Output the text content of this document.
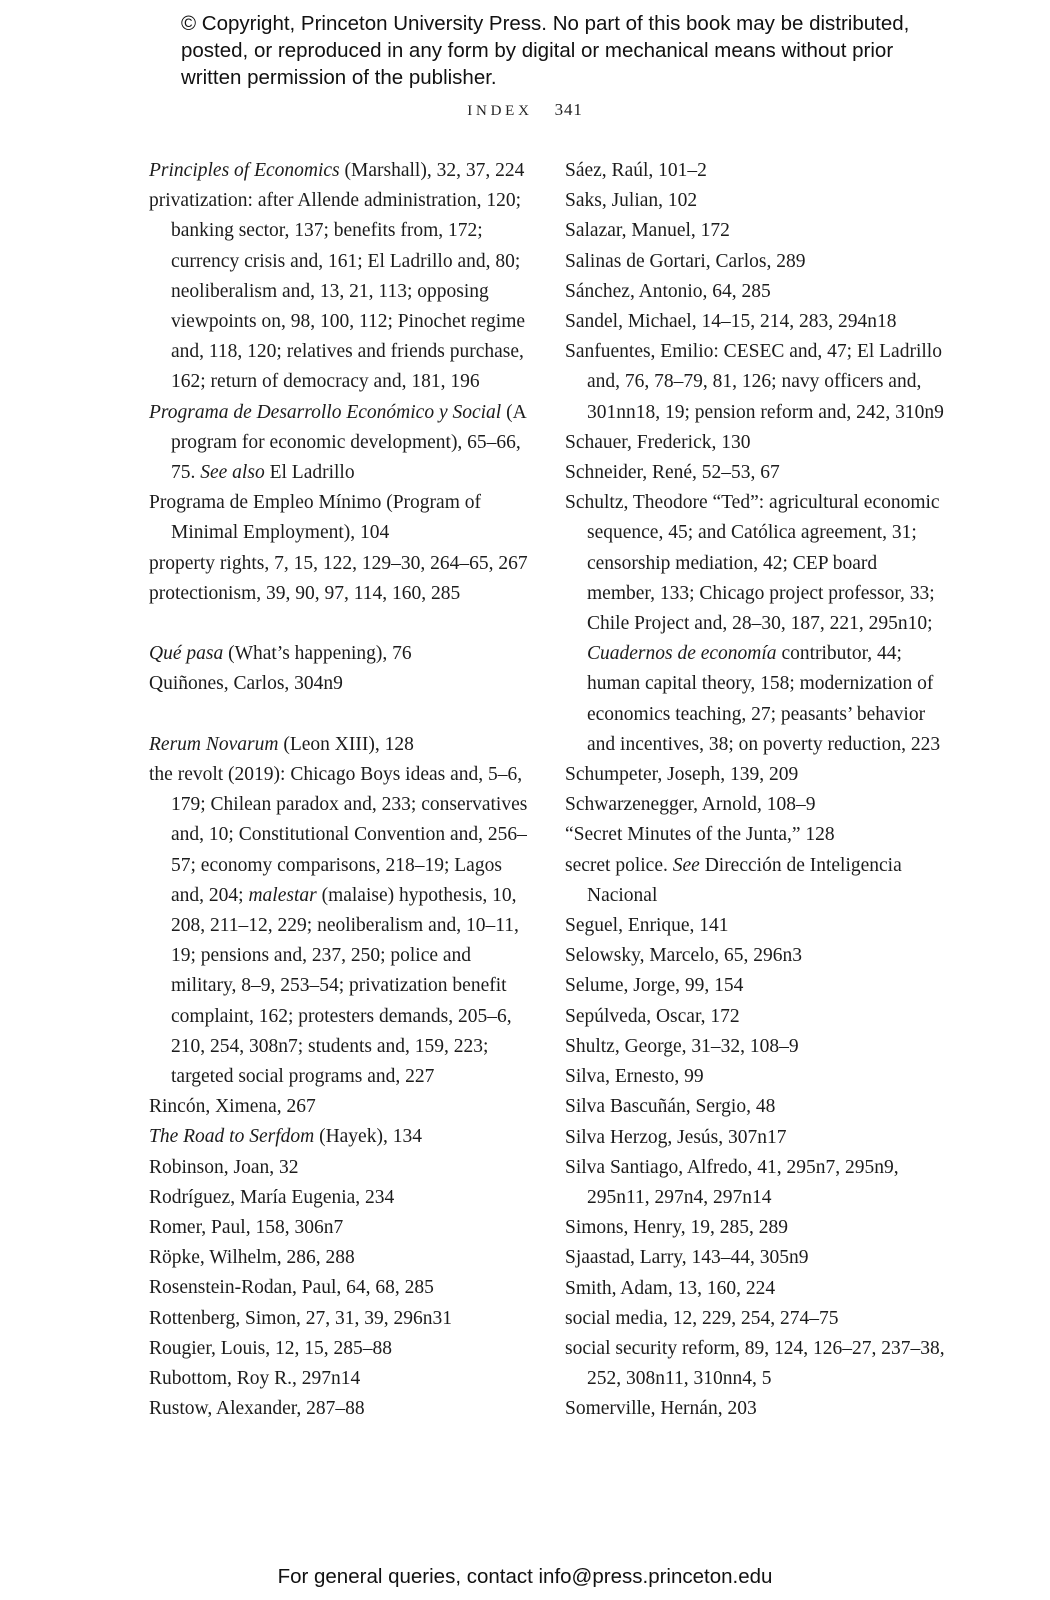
© Copyright, Princeton University Press. No part of this book may be distributed, posted, or reproduced in any form by digital or mechanical means without prior written permission of the publisher.
INDEX 341
Principles of Economics (Marshall), 32, 37, 224
privatization: after Allende administration, 120; banking sector, 137; benefits from, 172; currency crisis and, 161; El Ladrillo and, 80; neoliberalism and, 13, 21, 113; opposing viewpoints on, 98, 100, 112; Pinochet regime and, 118, 120; relatives and friends purchase, 162; return of democracy and, 181, 196
Programa de Desarrollo Económico y Social (A program for economic development), 65–66, 75. See also El Ladrillo
Programa de Empleo Mínimo (Program of Minimal Employment), 104
property rights, 7, 15, 122, 129–30, 264–65, 267
protectionism, 39, 90, 97, 114, 160, 285
Qué pasa (What’s happening), 76
Quiñones, Carlos, 304n9
Rerum Novarum (Leon XIII), 128
the revolt (2019): Chicago Boys ideas and, 5–6, 179; Chilean paradox and, 233; conservatives and, 10; Constitutional Convention and, 256–57; economy comparisons, 218–19; Lagos and, 204; malestar (malaise) hypothesis, 10, 208, 211–12, 229; neoliberalism and, 10–11, 19; pensions and, 237, 250; police and military, 8–9, 253–54; privatization benefit complaint, 162; protesters demands, 205–6, 210, 254, 308n7; students and, 159, 223; targeted social programs and, 227
Rincón, Ximena, 267
The Road to Serfdom (Hayek), 134
Robinson, Joan, 32
Rodríguez, María Eugenia, 234
Romer, Paul, 158, 306n7
Röpke, Wilhelm, 286, 288
Rosenstein-Rodan, Paul, 64, 68, 285
Rottenberg, Simon, 27, 31, 39, 296n31
Rougier, Louis, 12, 15, 285–88
Rubottom, Roy R., 297n14
Rustow, Alexander, 287–88
Sáez, Raúl, 101–2
Saks, Julian, 102
Salazar, Manuel, 172
Salinas de Gortari, Carlos, 289
Sánchez, Antonio, 64, 285
Sandel, Michael, 14–15, 214, 283, 294n18
Sanfuentes, Emilio: CESEC and, 47; El Ladrillo and, 76, 78–79, 81, 126; navy officers and, 301nn18, 19; pension reform and, 242, 310n9
Schauer, Frederick, 130
Schneider, René, 52–53, 67
Schultz, Theodore “Ted”: agricultural economic sequence, 45; and Católica agreement, 31; censorship mediation, 42; CEP board member, 133; Chicago project professor, 33; Chile Project and, 28–30, 187, 221, 295n10; Cuadernos de economía contributor, 44; human capital theory, 158; modernization of economics teaching, 27; peasants’ behavior and incentives, 38; on poverty reduction, 223
Schumpeter, Joseph, 139, 209
Schwarzenegger, Arnold, 108–9
“Secret Minutes of the Junta,” 128
secret police. See Dirección de Inteligencia Nacional
Seguel, Enrique, 141
Selowsky, Marcelo, 65, 296n3
Selume, Jorge, 99, 154
Sepúlveda, Oscar, 172
Shultz, George, 31–32, 108–9
Silva, Ernesto, 99
Silva Bascuñán, Sergio, 48
Silva Herzog, Jesús, 307n17
Silva Santiago, Alfredo, 41, 295n7, 295n9, 295n11, 297n4, 297n14
Simons, Henry, 19, 285, 289
Sjaastad, Larry, 143–44, 305n9
Smith, Adam, 13, 160, 224
social media, 12, 229, 254, 274–75
social security reform, 89, 124, 126–27, 237–38, 252, 308n11, 310nn4, 5
Somerville, Hernán, 203
For general queries, contact info@press.princeton.edu
